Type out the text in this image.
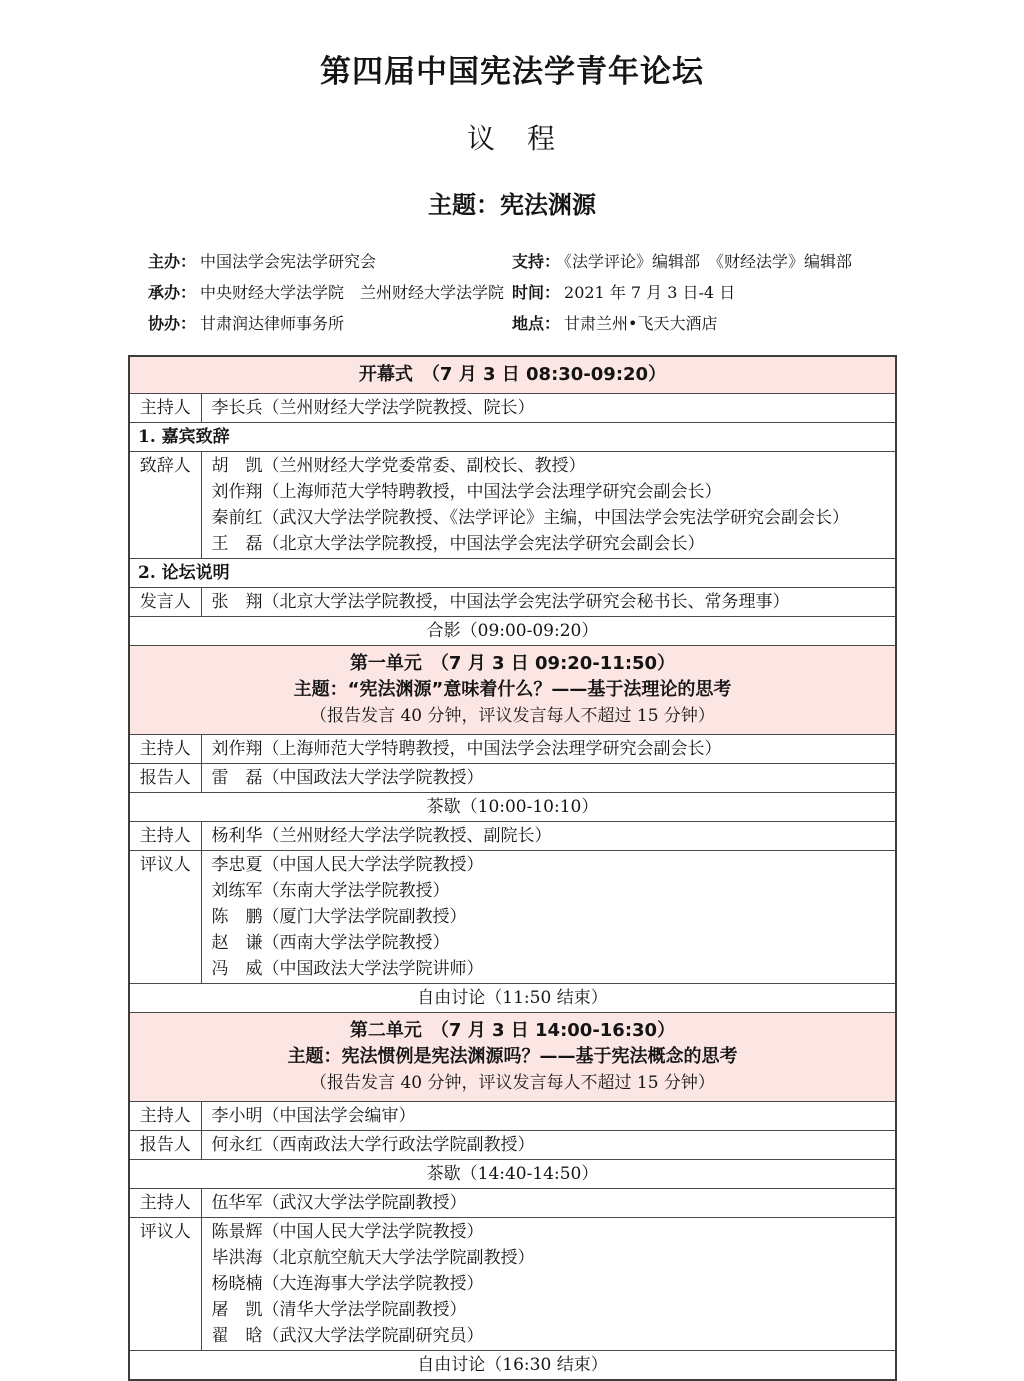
第四届中国宪法学青年论坛
议　程
主题：宪法渊源
主办： 中国法学会宪法学研究会
承办： 中央财经大学法学院　兰州财经大学法学院
协办： 甘肃润达律师事务所
支持： 《法学评论》编辑部　《财经法学》编辑部
时间： 2021 年 7 月 3 日-4 日
地点： 甘肃兰州•飞天大酒店
开幕式　（7 月 3 日 08:30-09:20）	

主持人	李长兵（兰州财经大学法学院教授、院长）

1. 嘉宾致辞	
致辞人	胡　凯（兰州财经大学党委常委、副校长、教授）
刘作翔（上海师范大学特聘教授，中国法学会法理学研究会副会长）
秦前红（武汉大学法学院教授、《法学评论》主编，中国法学会宪法学研究会副会长）
王　磊（北京大学法学院教授，中国法学会宪法学研究会副会长）

2. 论坛说明	
发言人	张　翔（北京大学法学院教授，中国法学会宪法学研究会秘书长、常务理事）

合影（09:00-09:20）	

第一单元　（7 月 3 日 09:20-11:50）
主题：“宪法渊源”意味着什么？——基于法理论的思考
（报告发言 40 分钟，评议发言每人不超过 15 分钟）	

主持人	刘作翔（上海师范大学特聘教授，中国法学会法理学研究会副会长）

报告人	雷　磊（中国政法大学法学院教授）

茶歇（10:00-10:10）	
主持人	杨利华（兰州财经大学法学院教授、副院长）

评议人	李忠夏（中国人民大学法学院教授）
刘练军（东南大学法学院教授）
陈　鹏（厦门大学法学院副教授）
赵　谦（西南大学法学院教授）
冯　威（中国政法大学法学院讲师）

自由讨论（11:50 结束）	

第二单元　（7 月 3 日 14:00-16:30）
主题：宪法惯例是宪法渊源吗？——基于宪法概念的思考
（报告发言 40 分钟，评议发言每人不超过 15 分钟）	

主持人	李小明（中国法学会编审）

报告人	何永红（西南政法大学行政法学院副教授）

茶歇（14:40-14:50）	
主持人	伍华军（武汉大学法学院副教授）

评议人	陈景辉（中国人民大学法学院教授）
毕洪海（北京航空航天大学法学院副教授）
杨晓楠（大连海事大学法学院教授）
屠　凯（清华大学法学院副教授）
翟　晗（武汉大学法学院副研究员）

自由讨论（16:30 结束）	
